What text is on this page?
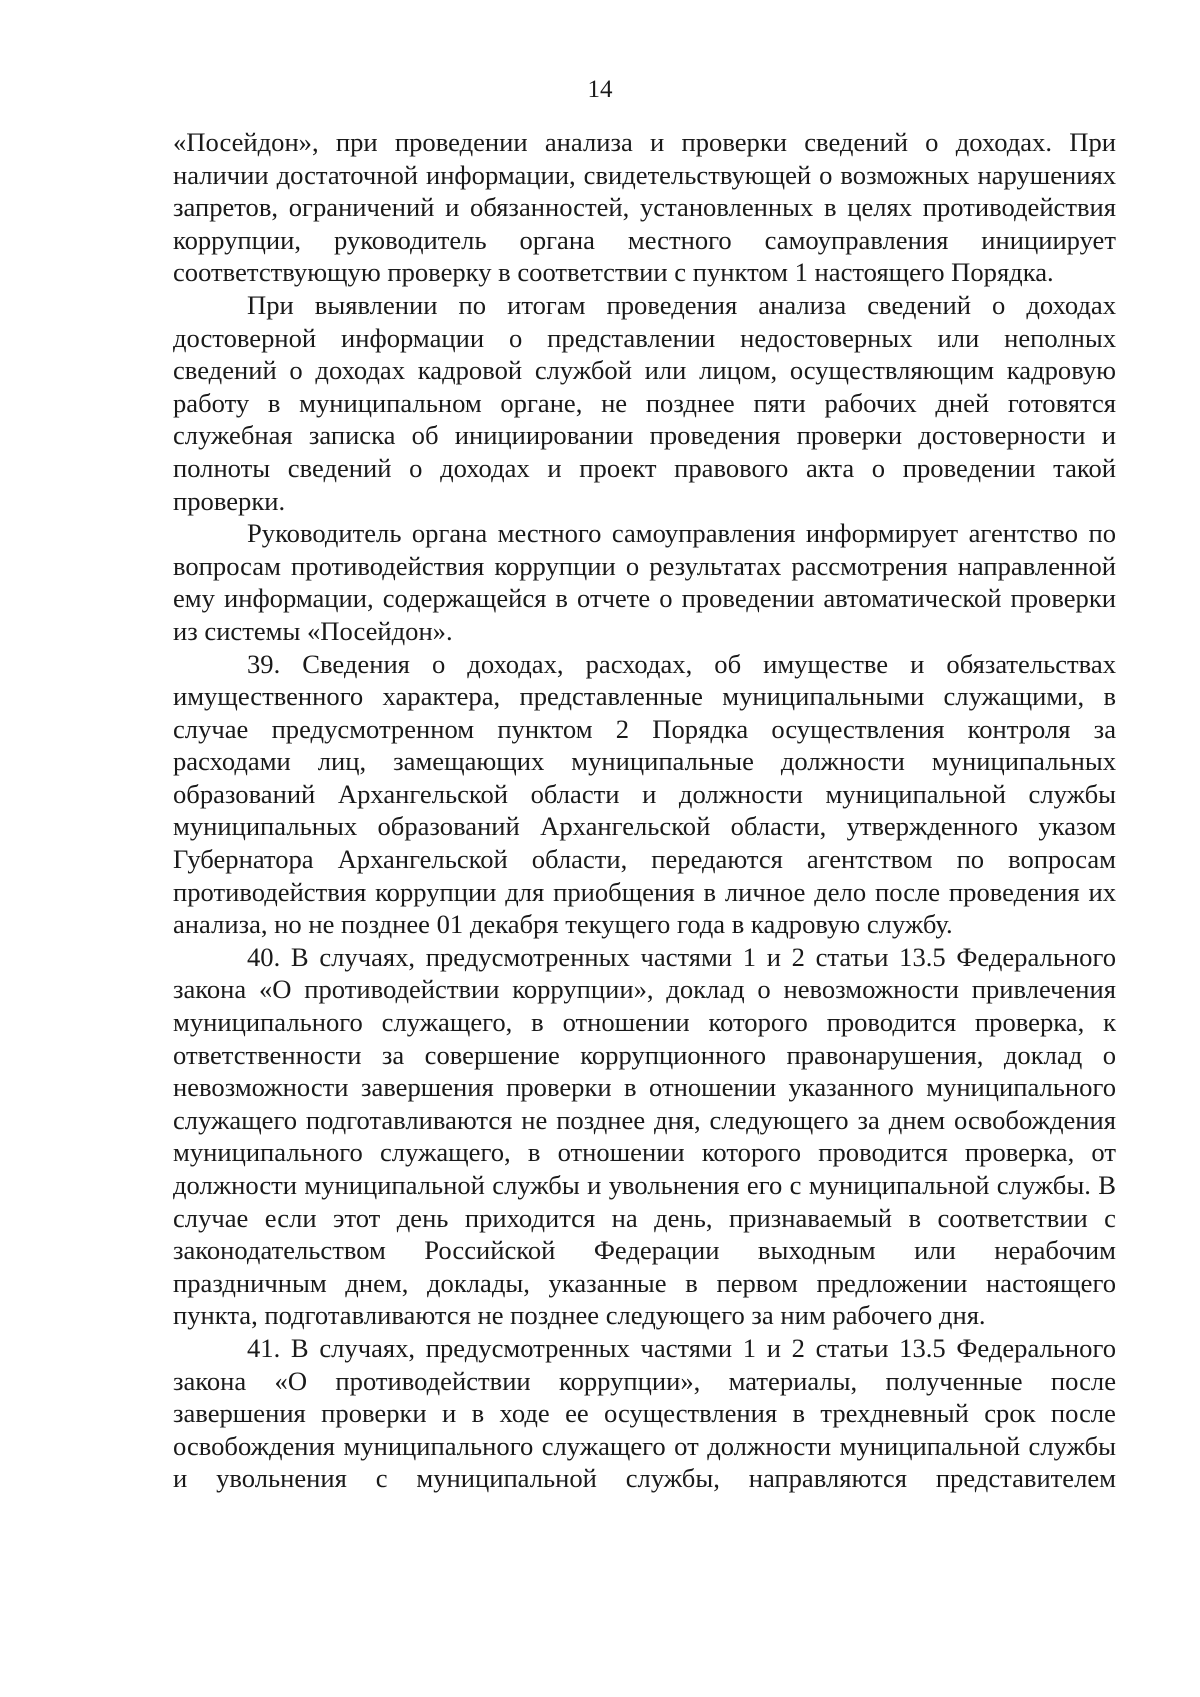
14

«Посейдон», при проведении анализа и проверки сведений о доходах. При наличии достаточной информации, свидетельствующей о возможных нарушениях запретов, ограничений и обязанностей, установленных в целях противодействия коррупции, руководитель органа местного самоуправления инициирует соответствующую проверку в соответствии с пунктом 1 настоящего Порядка.

При выявлении по итогам проведения анализа сведений о доходах достоверной информации о представлении недостоверных или неполных сведений о доходах кадровой службой или лицом, осуществляющим кадровую работу в муниципальном органе, не позднее пяти рабочих дней готовятся служебная записка об инициировании проведения проверки достоверности и полноты сведений о доходах и проект правового акта о проведении такой проверки.

Руководитель органа местного самоуправления информирует агентство по вопросам противодействия коррупции о результатах рассмотрения направленной ему информации, содержащейся в отчете о проведении автоматической проверки из системы «Посейдон».

39. Сведения о доходах, расходах, об имуществе и обязательствах имущественного характера, представленные муниципальными служащими, в случае предусмотренном пунктом 2 Порядка осуществления контроля за расходами лиц, замещающих муниципальные должности муниципальных образований Архангельской области и должности муниципальной службы муниципальных образований Архангельской области, утвержденного указом Губернатора Архангельской области, передаются агентством по вопросам противодействия коррупции для приобщения в личное дело после проведения их анализа, но не позднее 01 декабря текущего года в кадровую службу.

40. В случаях, предусмотренных частями 1 и 2 статьи 13.5 Федерального закона «О противодействии коррупции», доклад о невозможности привлечения муниципального служащего, в отношении которого проводится проверка, к ответственности за совершение коррупционного правонарушения, доклад о невозможности завершения проверки в отношении указанного муниципального служащего подготавливаются не позднее дня, следующего за днем освобождения муниципального служащего, в отношении которого проводится проверка, от должности муниципальной службы и увольнения его с муниципальной службы. В случае если этот день приходится на день, признаваемый в соответствии с законодательством Российской Федерации выходным или нерабочим праздничным днем, доклады, указанные в первом предложении настоящего пункта, подготавливаются не позднее следующего за ним рабочего дня.

41. В случаях, предусмотренных частями 1 и 2 статьи 13.5 Федерального закона «О противодействии коррупции», материалы, полученные после завершения проверки и в ходе ее осуществления в трехдневный срок после освобождения муниципального служащего от должности муниципальной службы и увольнения с муниципальной службы, направляются представителем
